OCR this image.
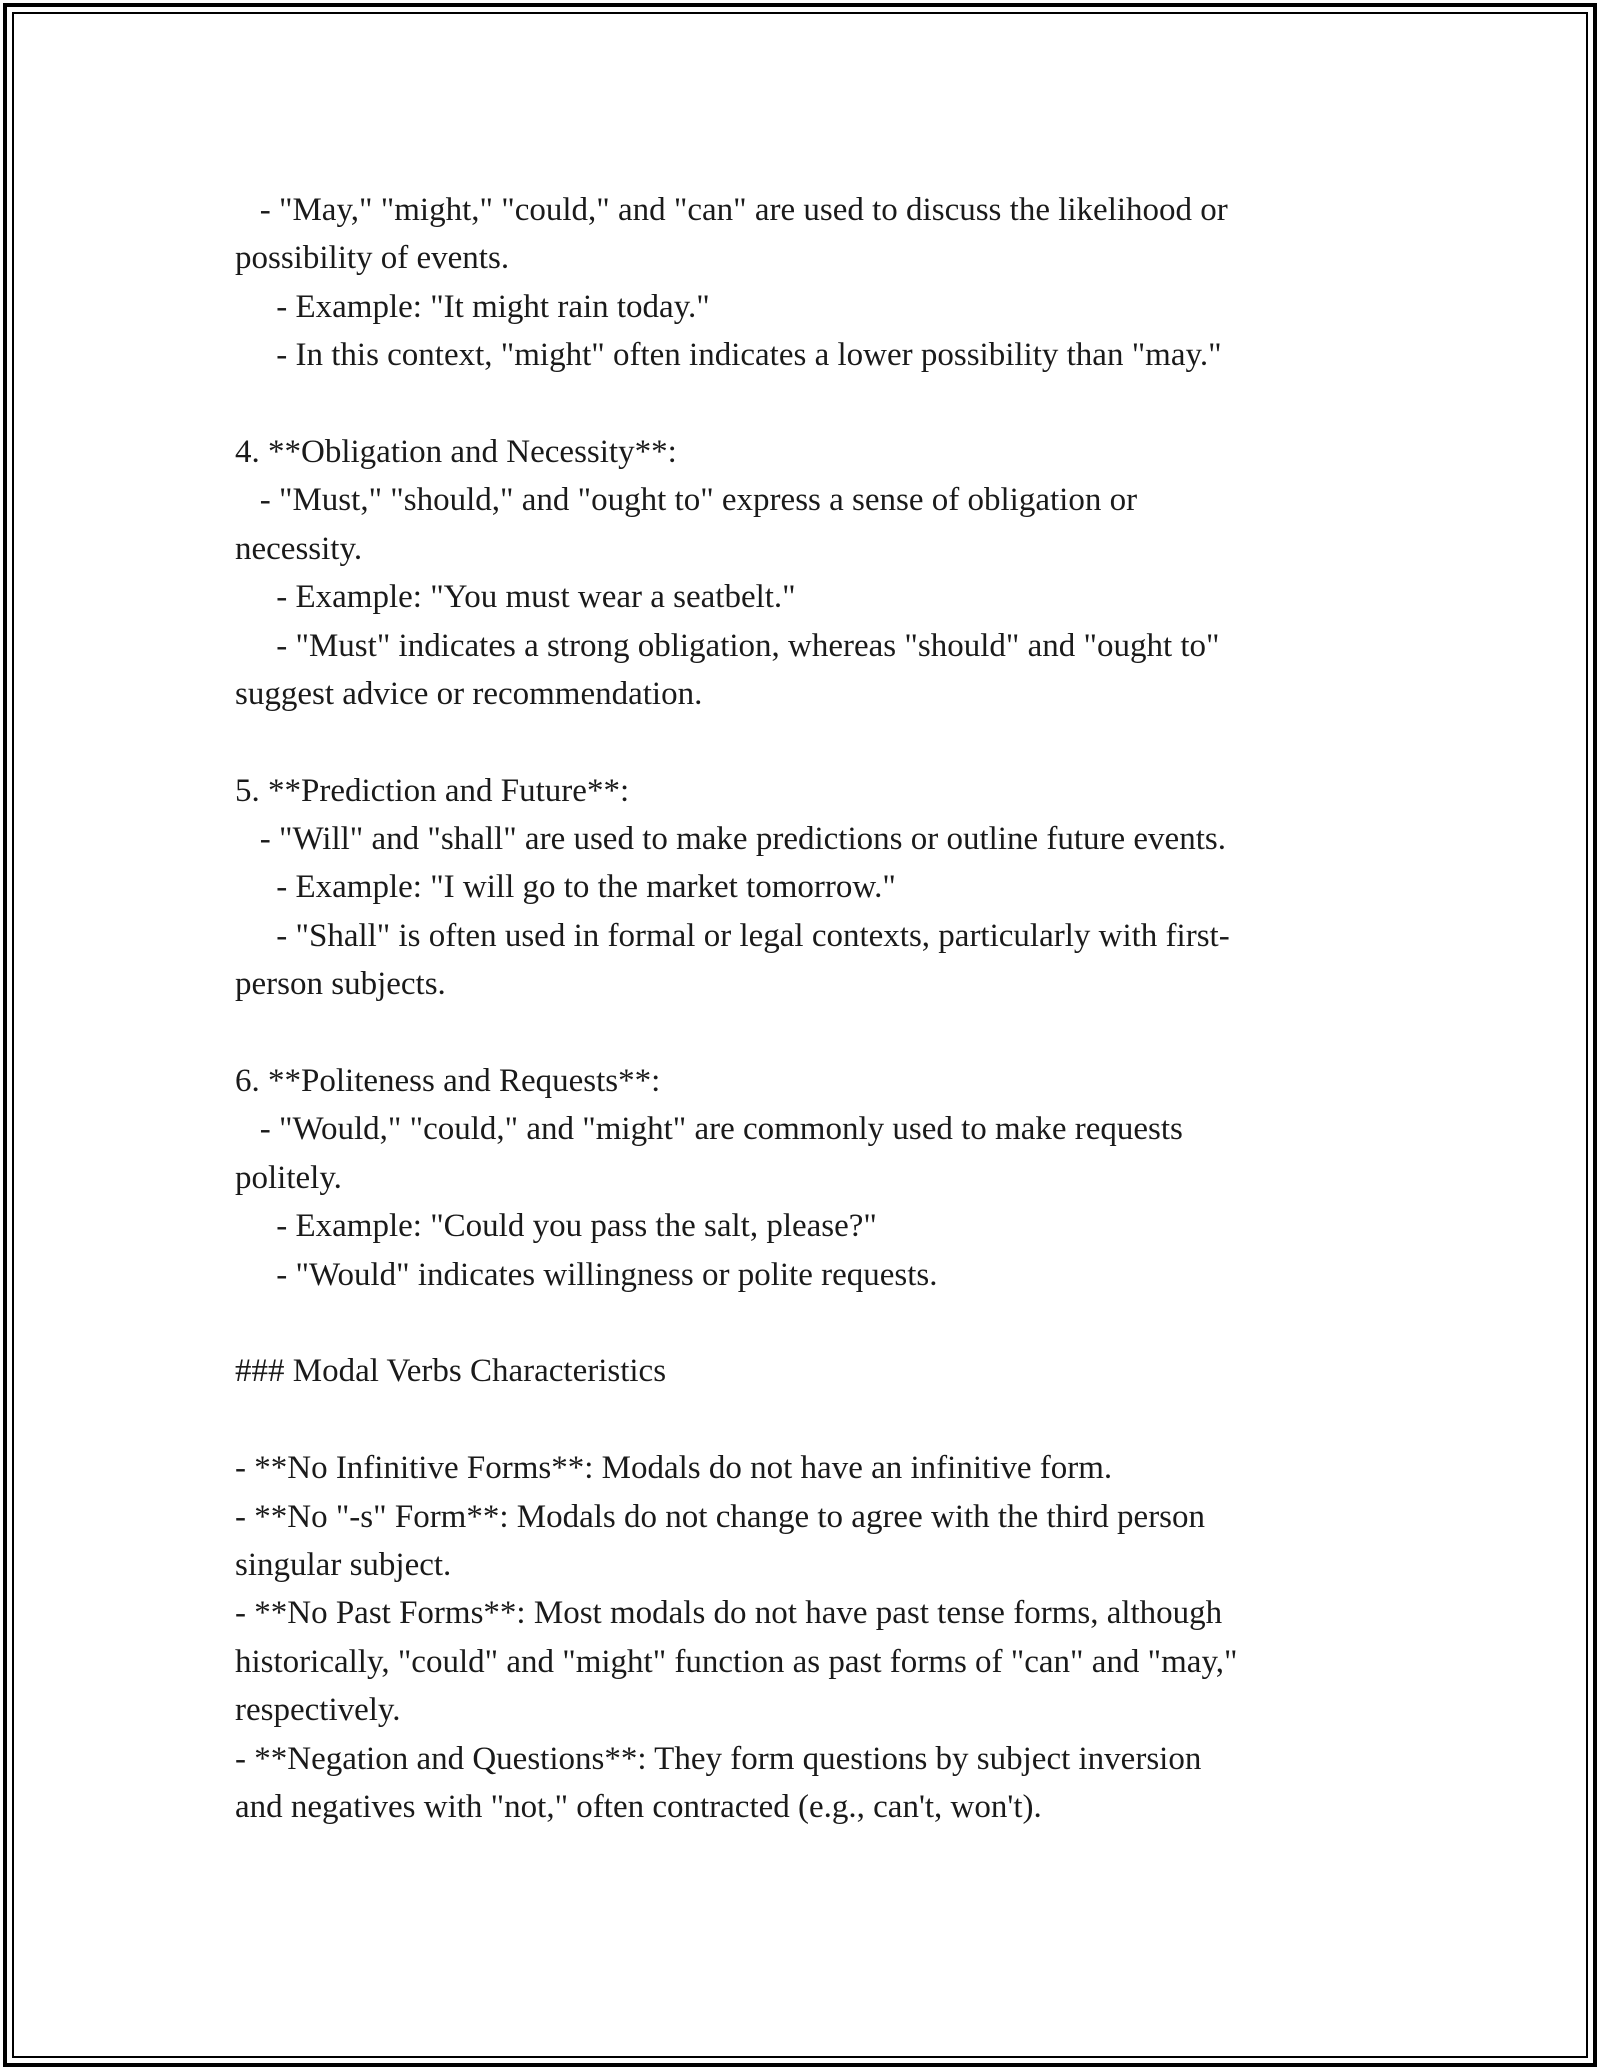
- "May," "might," "could," and "can" are used to discuss the likelihood or
possibility of events.
- Example: "It might rain today."
- In this context, "might" often indicates a lower possibility than "may."
4. **Obligation and Necessity**:
- "Must," "should," and "ought to" express a sense of obligation or
necessity.
- Example: "You must wear a seatbelt."
- "Must" indicates a strong obligation, whereas "should" and "ought to"
suggest advice or recommendation.
5. **Prediction and Future**:
- "Will" and "shall" are used to make predictions or outline future events.
- Example: "I will go to the market tomorrow."
- "Shall" is often used in formal or legal contexts, particularly with first-
person subjects.
6. **Politeness and Requests**:
- "Would," "could," and "might" are commonly used to make requests
politely.
- Example: "Could you pass the salt, please?"
- "Would" indicates willingness or polite requests.
### Modal Verbs Characteristics
- **No Infinitive Forms**: Modals do not have an infinitive form.
- **No "-s" Form**: Modals do not change to agree with the third person
singular subject.
- **No Past Forms**: Most modals do not have past tense forms, although
historically, "could" and "might" function as past forms of "can" and "may,"
respectively.
- **Negation and Questions**: They form questions by subject inversion
and negatives with "not," often contracted (e.g., can't, won't).
